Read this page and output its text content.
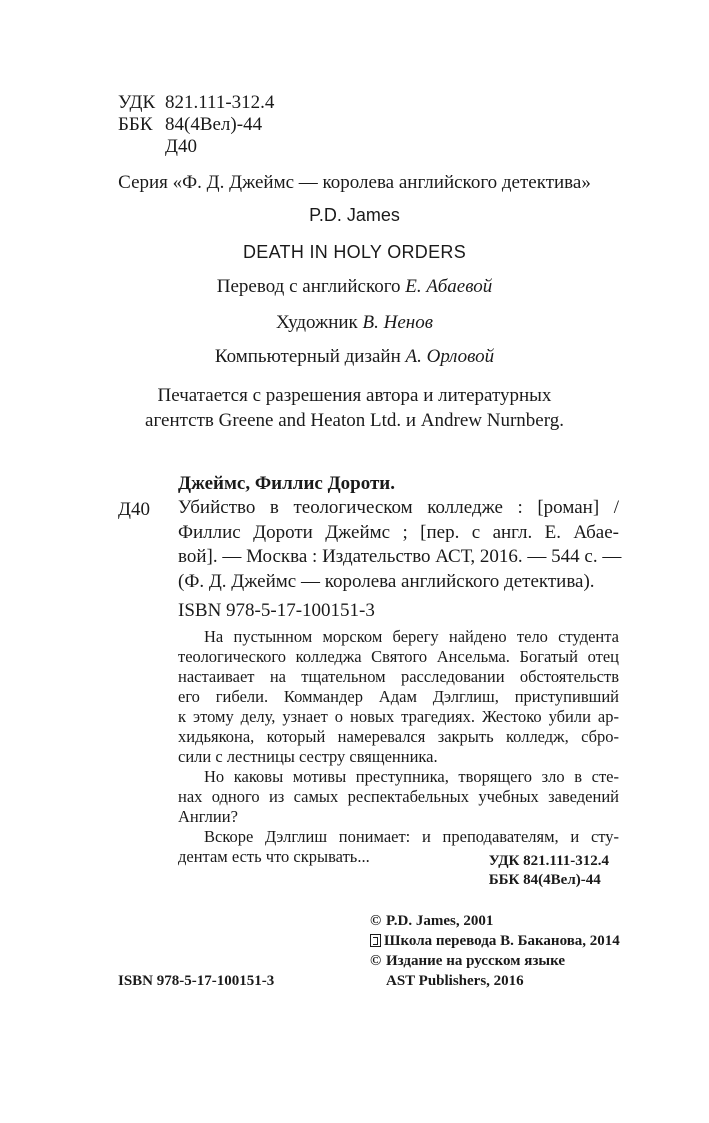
УДК 821.111-312.4
ББК 84(4Вел)-44
Д40
Серия «Ф. Д. Джеймс — королева английского детектива»
P.D. James
DEATH IN HOLY ORDERS
Перевод с английского Е. Абаевой
Художник В. Ненов
Компьютерный дизайн А. Орловой
Печатается с разрешения автора и литературных
агентств Greene and Heaton Ltd. и Andrew Nurnberg.
Джеймс, Филлис Дороти.
Д40 Убийство в теологическом колледже : [роман] /
Филлис Дороти Джеймс ; [пер. с англ. Е. Абае-
вой]. — Москва : Издательство АСТ, 2016. — 544 с. —
(Ф. Д. Джеймс — королева английского детектива).
ISBN 978-5-17-100151-3
На пустынном морском берегу найдено тело студента
теологического колледжа Святого Ансельма. Богатый отец
настаивает на тщательном расследовании обстоятельств
его гибели. Коммандер Адам Дэлглиш, приступивший
к этому делу, узнает о новых трагедиях. Жестоко убили ар-
хидьякона, который намеревался закрыть колледж, сбро-
сили с лестницы сестру священника.
Но каковы мотивы преступника, творящего зло в сте-
нах одного из самых респектабельных учебных заведений
Англии?
Вскоре Дэлглиш понимает: и преподавателям, и сту-
дентам есть что скрывать...	УДК 821.111-312.4
ББК 84(4Вел)-44
© P.D. James, 2001
Школа перевода В. Баканова, 2014
© Издание на русском языке
AST Publishers, 2016
ISBN 978-5-17-100151-3
